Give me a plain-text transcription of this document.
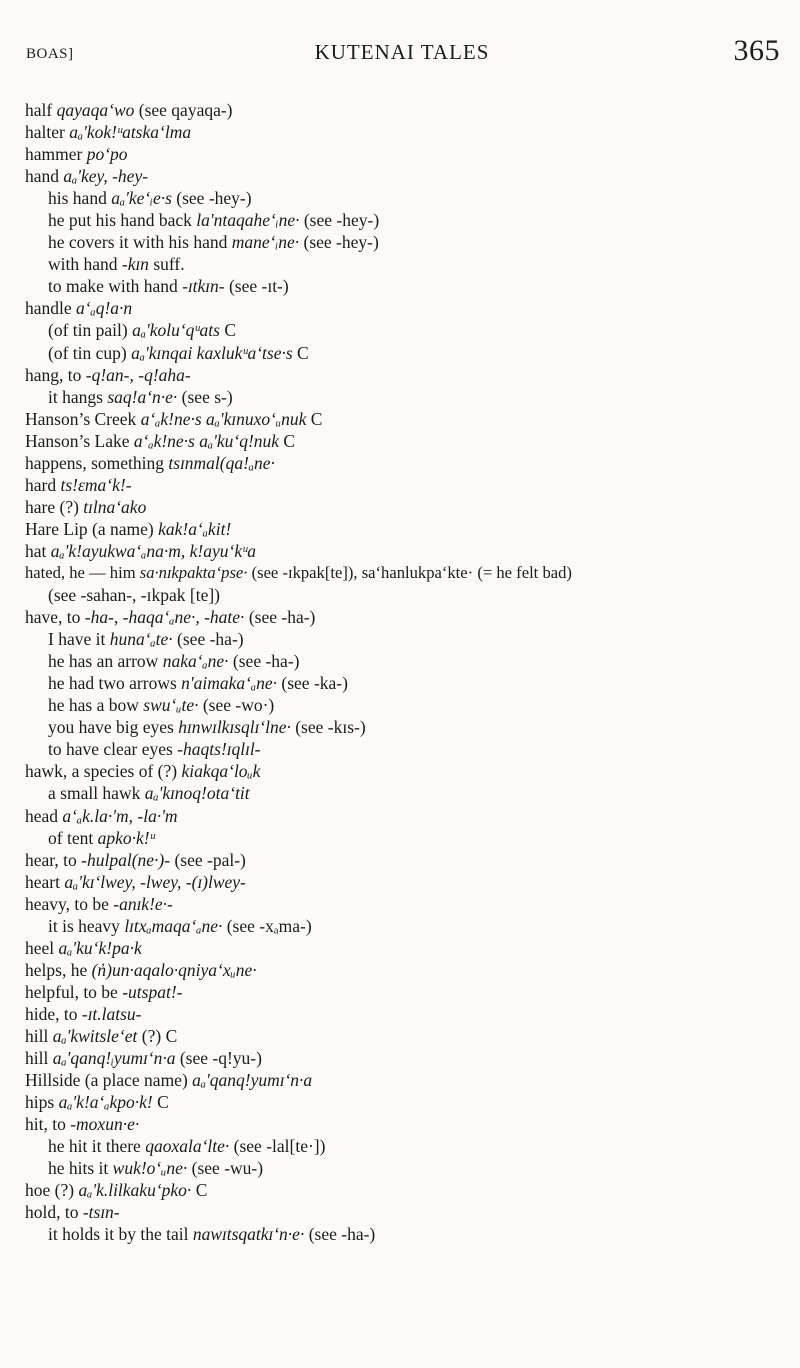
BOAS]	KUTENAI TALES	365
half qayaqa‘wo (see qayaqa-)
halter aₐ'kok!ᵘatska‘lma
hammer po‘po
hand aₐ'key, -hey-
his hand aₐ'ke‘ᵢe·s (see -hey-)
he put his hand back la'ntaqahe‘ᵢne· (see -hey-)
he covers it with his hand mane‘ᵢne· (see -hey-)
with hand -kɪn suff.
to make with hand -ɪtkɪn- (see -ɪt-)
handle a‘ₐq!a·n
(of tin pail) aₐ'kolu‘qᵘats C
(of tin cup) aₐ'kɪnqai kaxlukᵘa‘tse·s C
hang, to -q!an-, -q!aha-
it hangs saq!a‘n·e· (see s-)
Hanson’s Creek a‘ₐk!ne·s aₐ'kɪnuxo‘ᵤnuk C
Hanson’s Lake a‘ₐk!ne·s aₐ'ku‘q!nuk C
happens, something tsɪnmal(qa!ₐne·
hard ts!ɛma‘k!-
hare (?) tɪlna‘ako
Hare Lip (a name) kak!a‘ₐkit!
hat aₐ'k!ayukwa‘ₐna·m, k!ayu‘kᵘa
hated, he — him sa·nɪkpakta‘pse· (see -ɪkpak[te]), sa‘hanlukpa‘kte· (= he felt bad)
(see -sahan-, -ɪkpak [te])
have, to -ha-, -haqa‘ₐne·, -hate· (see -ha-)
I have it huna‘ₐte· (see -ha-)
he has an arrow naka‘ₐne· (see -ha-)
he had two arrows n'aimaka‘ₐne· (see -ka-)
he has a bow swu‘ᵤte· (see -wo·)
you have big eyes hɪnwɪlkɪsqlɪ‘lne· (see -kɪs-)
to have clear eyes -haqts!ɪqlɪl-
hawk, a species of (?) kiakqa‘loᵤk
a small hawk aₐ'kɪnoq!ota‘tit
head a‘ₐk.la·'m, -la·'m
of tent apko·k!ᵘ
hear, to -hulpal(ne·)- (see -pal-)
heart aₐ'kɪ‘lwey, -lwey, -(ɪ)lwey-
heavy, to be -anɪk!e·-
it is heavy lɪtxₐmaqa‘ₐne· (see -xₐma-)
heel aₐ'ku‘k!pa·k
helps, he (n̓)un·aqalo·qniya‘xᵤne·
helpful, to be -utspat!-
hide, to -ɪt.latsu-
hill aₐ'kwitsle‘et (?) C
hill aₐ'qanq!ᵢyumɪ‘n·a (see -q!yu-)
Hillside (a place name) aₐ'qanq!yumɪ‘n·a
hips aₐ'k!a‘ₐkpo·k! C
hit, to -moxun·e·
he hit it there qaoxala‘lte· (see -lal[te·])
he hits it wuk!o‘ᵤne· (see -wu-)
hoe (?) aₐ'k.lilkaku‘pko· C
hold, to -tsɪn-
it holds it by the tail nawɪtsqatkɪ‘n·e· (see -ha-)
